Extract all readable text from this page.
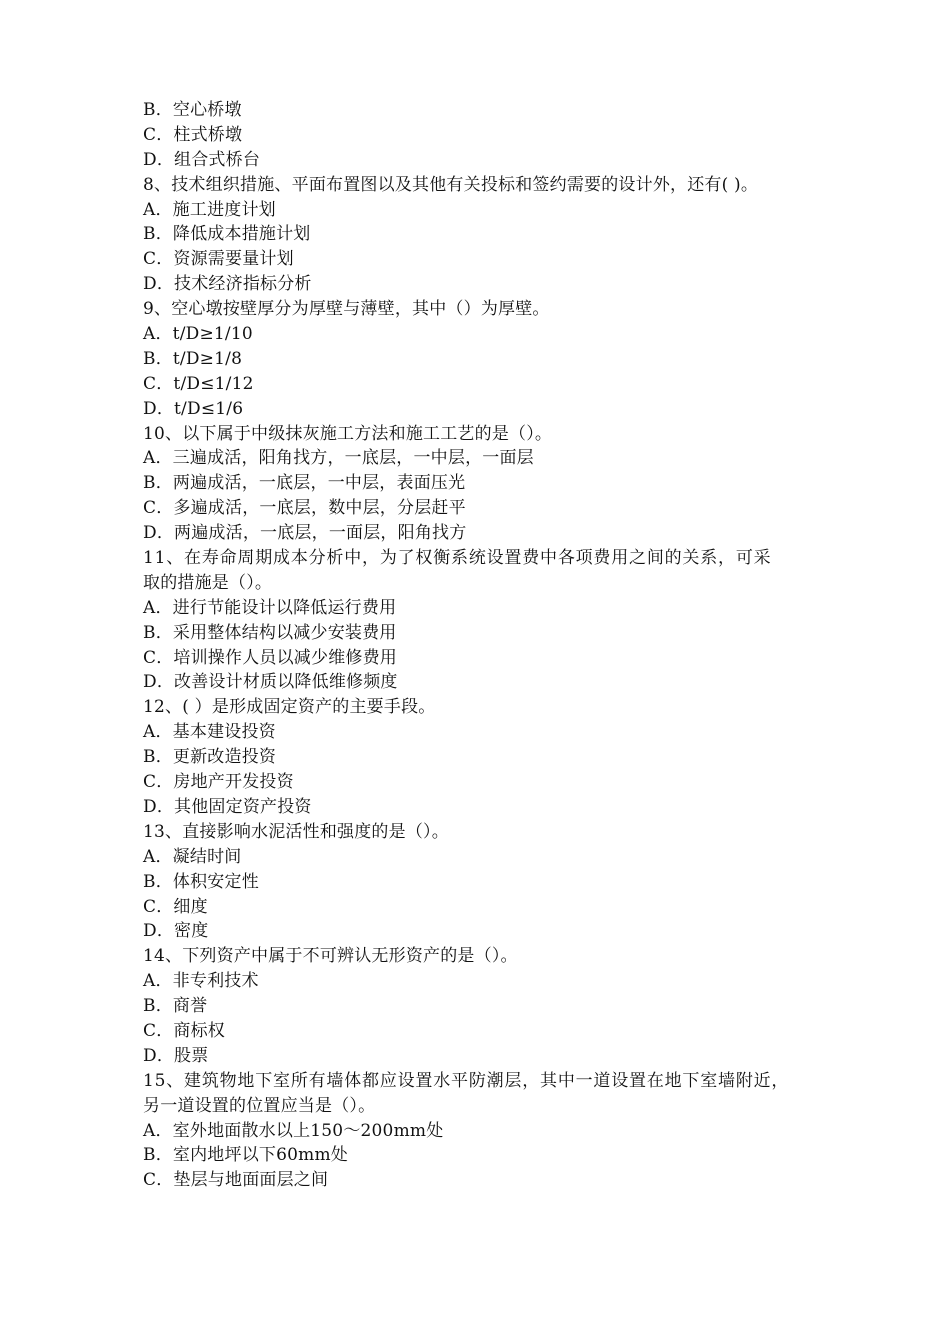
B．空心桥墩
C．柱式桥墩
D．组合式桥台
8、技术组织措施、平面布置图以及其他有关投标和签约需要的设计外，还有( )。
A．施工进度计划
B．降低成本措施计划
C．资源需要量计划
D．技术经济指标分析
9、空心墩按壁厚分为厚壁与薄壁，其中（）为厚壁。
A．t/D≥1/10
B．t/D≥1/8
C．t/D≤1/12
D．t/D≤1/6
10、以下属于中级抹灰施工方法和施工工艺的是（）。
A．三遍成活，阳角找方，一底层，一中层，一面层
B．两遍成活，一底层，一中层，表面压光
C．多遍成活，一底层，数中层，分层赶平
D．两遍成活，一底层，一面层，阳角找方
11、在寿命周期成本分析中，为了权衡系统设置费中各项费用之间的关系，可采
取的措施是（）。
A．进行节能设计以降低运行费用
B．采用整体结构以减少安装费用
C．培训操作人员以减少维修费用
D．改善设计材质以降低维修频度
12、( ）是形成固定资产的主要手段。
A．基本建设投资
B．更新改造投资
C．房地产开发投资
D．其他固定资产投资
13、直接影响水泥活性和强度的是（）。
A．凝结时间
B．体积安定性
C．细度
D．密度
14、下列资产中属于不可辨认无形资产的是（）。
A．非专利技术
B．商誉
C．商标权
D．股票
15、建筑物地下室所有墙体都应设置水平防潮层，其中一道设置在地下室墙附近，
另一道设置的位置应当是（）。
A．室外地面散水以上150～200mm处
B．室内地坪以下60mm处
C．垫层与地面面层之间
